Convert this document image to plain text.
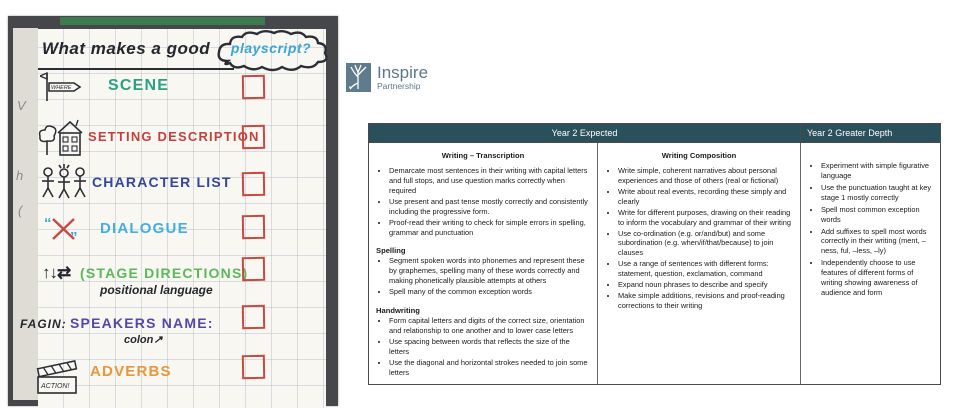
V
h
(
What makes a good	playscript?
WHERE SCENE
SETTING DESCRIPTION
CHARACTER LIST
“
”
DIALOGUE
↑↓⇄ (STAGE DIRECTIONS)
positional language
FAGIN: SPEAKERS NAME:
colon↗
ACTION!
ADVERBS
Inspire
Partnership
Year 2 Expected	Year 2 Greater Depth
Writing – Transcription
• Demarcate most sentences in their writing with capital letters and full stops, and use question marks correctly when required
• Use present and past tense mostly correctly and consistently including the progressive form.
• Proof-read their writing to check for simple errors in spelling, grammar and punctuation
Spelling
• Segment spoken words into phonemes and represent these by graphemes, spelling many of these words correctly and making phonetically plausible attempts at others
• Spell many of the common exception words
Handwriting
• Form capital letters and digits of the correct size, orientation and relationship to one another and to lower case letters
• Use spacing between words that reflects the size of the letters
• Use the diagonal and horizontal strokes needed to join some letters
Writing Composition
• Write simple, coherent narratives about personal experiences and those of others (real or fictional)
• Write about real events, recording these simply and clearly
• Write for different purposes, drawing on their reading to inform the vocabulary and grammar of their writing
• Use co-ordination (e.g. or/and/but) and some subordination (e.g. when/if/that/because) to join clauses
• Use a range of sentences with different forms: statement, question, exclamation, command
• Expand noun phrases to describe and specify
• Make simple additions, revisions and proof-reading corrections to their writing
• Experiment with simple figurative language
• Use the punctuation taught at key stage 1 mostly correctly
• Spell most common exception words
• Add suffixes to spell most words correctly in their writing (ment, –ness, ful, –less, –ly)
• Independently choose to use features of different forms of writing showing awareness of audience and form
